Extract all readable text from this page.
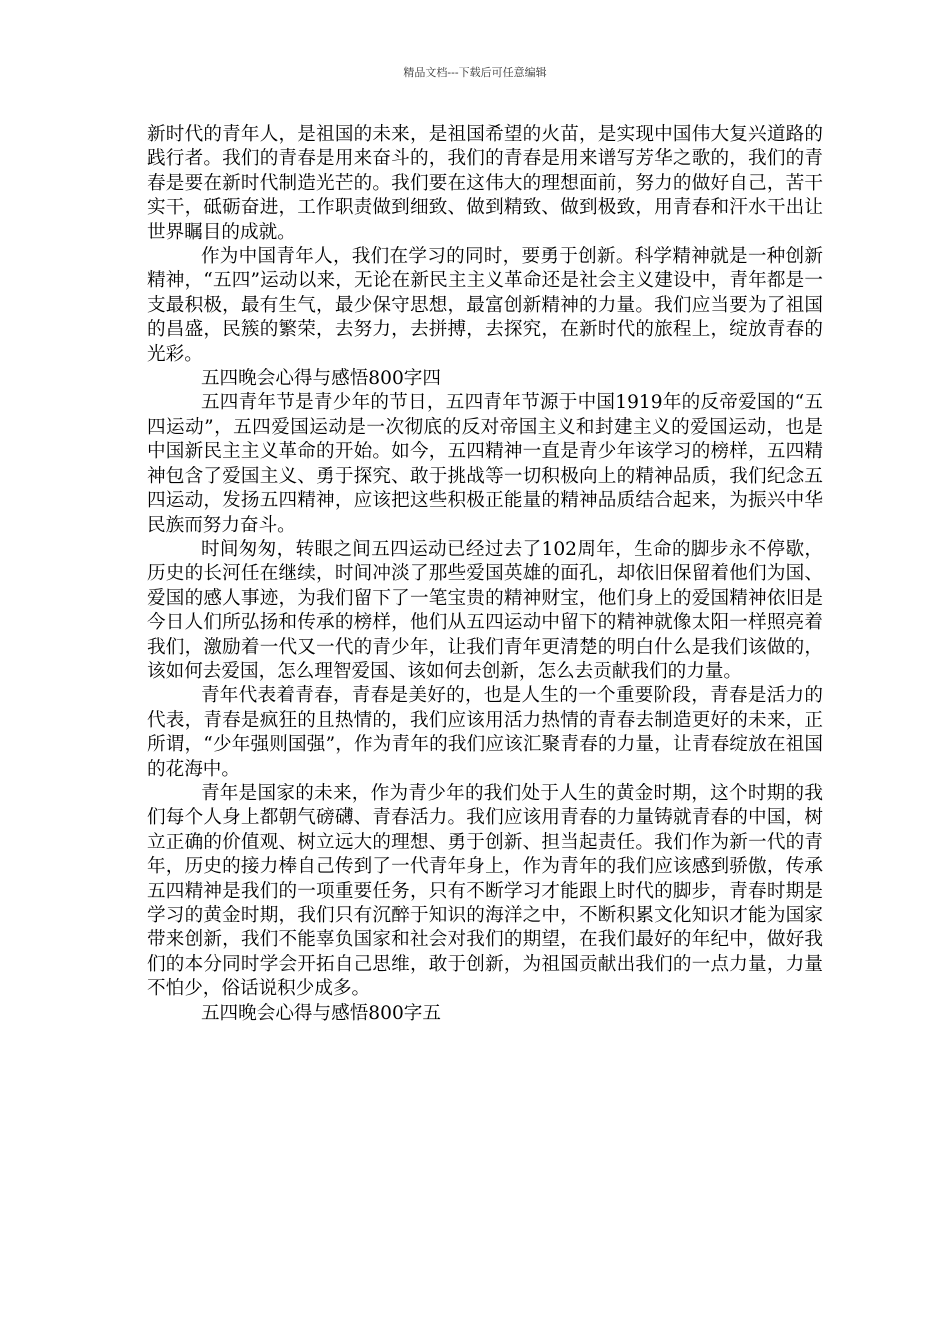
精品文档---下载后可任意编辑

新时代的青年人，是祖国的未来，是祖国希望的火苗，是实现中国伟大复兴道路的践行者。我们的青春是用来奋斗的，我们的青春是用来谱写芳华之歌的，我们的青春是要在新时代制造光芒的。我们要在这伟大的理想面前，努力的做好自己，苦干实干，砥砺奋进，工作职责做到细致、做到精致、做到极致，用青春和汗水干出让世界瞩目的成就。

作为中国青年人，我们在学习的同时，要勇于创新。科学精神就是一种创新精神，“五四”运动以来，无论在新民主主义革命还是社会主义建设中，青年都是一支最积极，最有生气，最少保守思想，最富创新精神的力量。我们应当要为了祖国的昌盛，民簇的繁荣，去努力，去拼搏，去探究，在新时代的旅程上，绽放青春的光彩。

五四晚会心得与感悟800字四

五四青年节是青少年的节日，五四青年节源于中国1919年的反帝爱国的“五四运动”，五四爱国运动是一次彻底的反对帝国主义和封建主义的爱国运动，也是中国新民主主义革命的开始。如今，五四精神一直是青少年该学习的榜样，五四精神包含了爱国主义、勇于探究、敢于挑战等一切积极向上的精神品质，我们纪念五四运动，发扬五四精神，应该把这些积极正能量的精神品质结合起来，为振兴中华民族而努力奋斗。

时间匆匆，转眼之间五四运动已经过去了102周年，生命的脚步永不停歇，历史的长河任在继续，时间冲淡了那些爱国英雄的面孔，却依旧保留着他们为国、爱国的感人事迹，为我们留下了一笔宝贵的精神财宝，他们身上的爱国精神依旧是今日人们所弘扬和传承的榜样，他们从五四运动中留下的精神就像太阳一样照亮着我们，激励着一代又一代的青少年，让我们青年更清楚的明白什么是我们该做的，该如何去爱国，怎么理智爱国、该如何去创新，怎么去贡献我们的力量。

青年代表着青春，青春是美好的，也是人生的一个重要阶段，青春是活力的代表，青春是疯狂的且热情的，我们应该用活力热情的青春去制造更好的未来，正所谓，“少年强则国强”，作为青年的我们应该汇聚青春的力量，让青春绽放在祖国的花海中。

青年是国家的未来，作为青少年的我们处于人生的黄金时期，这个时期的我们每个人身上都朝气磅礴、青春活力。我们应该用青春的力量铸就青春的中国，树立正确的价值观、树立远大的理想、勇于创新、担当起责任。我们作为新一代的青年，历史的接力棒自己传到了一代青年身上，作为青年的我们应该感到骄傲，传承五四精神是我们的一项重要任务，只有不断学习才能跟上时代的脚步，青春时期是学习的黄金时期，我们只有沉醉于知识的海洋之中，不断积累文化知识才能为国家带来创新，我们不能辜负国家和社会对我们的期望，在我们最好的年纪中，做好我们的本分同时学会开拓自己思维，敢于创新，为祖国贡献出我们的一点力量，力量不怕少，俗话说积少成多。

五四晚会心得与感悟800字五
